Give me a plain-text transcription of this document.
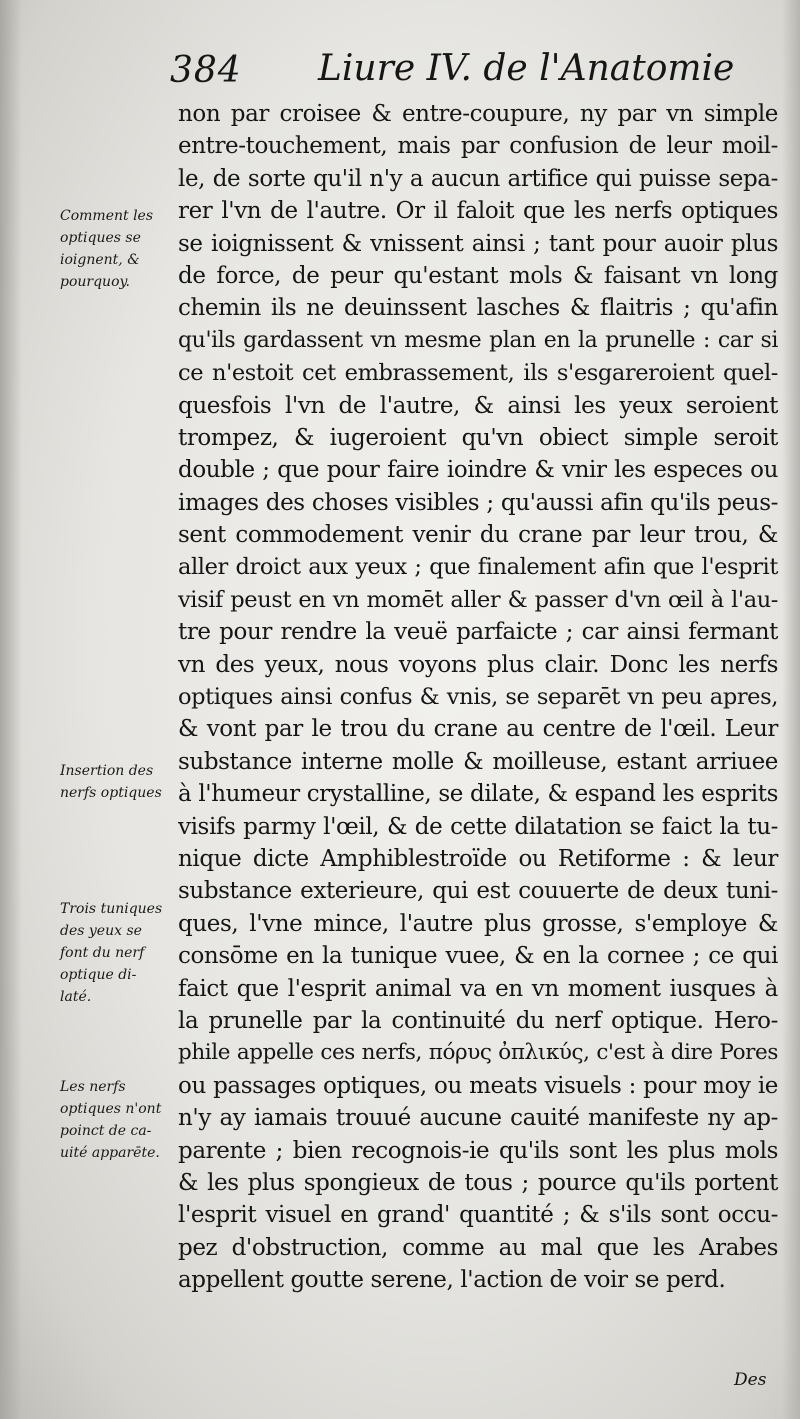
384 Liure IV. de l'Anatomie
non par croisee & entre-coupure, ny par vn simple
entre-touchement, mais par confusion de leur moil-
le, de sorte qu'il n'y a aucun artifice qui puisse sepa-
rer l'vn de l'autre. Or il faloit que les nerfs optiques
se ioignissent & vnissent ainsi ; tant pour auoir plus
de force, de peur qu'estant mols & faisant vn long
chemin ils ne deuinssent lasches & flaitris ; qu'afin
qu'ils gardassent vn mesme plan en la prunelle : car si
ce n'estoit cet embrassement, ils s'esgareroient quel-
quesfois l'vn de l'autre, & ainsi les yeux seroient
trompez, & iugeroient qu'vn obiect simple seroit
double ; que pour faire ioindre & vnir les especes ou
images des choses visibles ; qu'aussi afin qu'ils peus-
sent commodement venir du crane par leur trou, &
aller droict aux yeux ; que finalement afin que l'esprit
visif peust en vn momēt aller & passer d'vn œil à l'au-
tre pour rendre la veuë parfaicte ; car ainsi fermant
vn des yeux, nous voyons plus clair. Donc les nerfs
optiques ainsi confus & vnis, se separēt vn peu apres,
& vont par le trou du crane au centre de l'œil. Leur
substance interne molle & moilleuse, estant arriuee
à l'humeur crystalline, se dilate, & espand les esprits
visifs parmy l'œil, & de cette dilatation se faict la tu-
nique dicte Amphiblestroïde ou Retiforme : & leur
substance exterieure, qui est couuerte de deux tuni-
ques, l'vne mince, l'autre plus grosse, s'employe &
consōme en la tunique vuee, & en la cornee ; ce qui
faict que l'esprit animal va en vn moment iusques à
la prunelle par la continuité du nerf optique. Hero-
phile appelle ces nerfs, πόρυς ὀπλικύς, c'est à dire Pores
ou passages optiques, ou meats visuels : pour moy ie
n'y ay iamais trouué aucune cauité manifeste ny ap-
parente ; bien recognois-ie qu'ils sont les plus mols
& les plus spongieux de tous ; pource qu'ils portent
l'esprit visuel en grand' quantité ; & s'ils sont occu-
pez d'obstruction, comme au mal que les Arabes
appellent goutte serene, l'action de voir se perd.
Comment les
optiques se
ioignent, &
pourquoy.
Insertion des
nerfs optiques
Trois tuniques
des yeux se
font du nerf
optique di-
laté.
Les nerfs
optiques n'ont
poinct de ca-
uité apparēte.
Des
